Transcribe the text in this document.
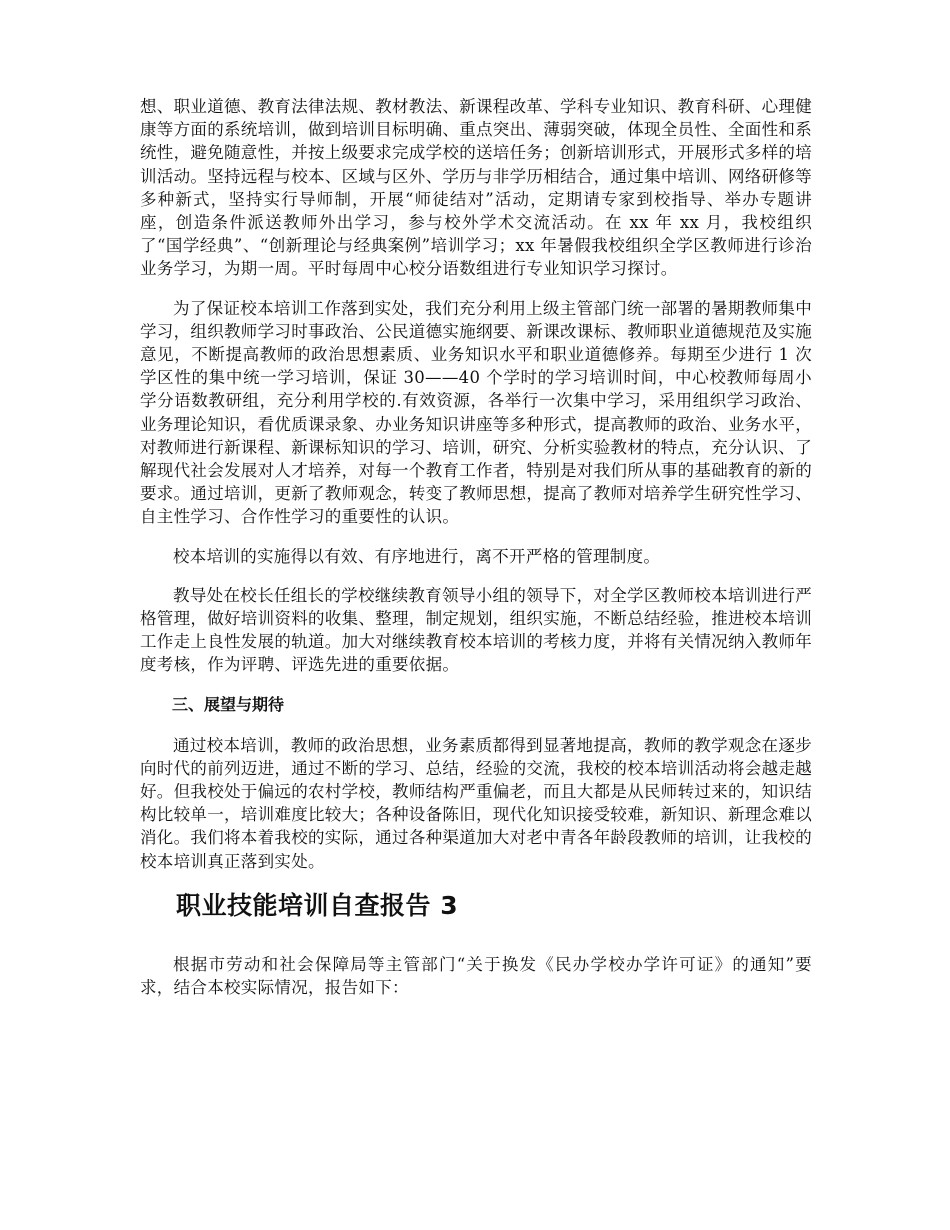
想、职业道德、教育法律法规、教材教法、新课程改革、学科专业知识、教育科研、心理健康等方面的系统培训，做到培训目标明确、重点突出、薄弱突破，体现全员性、全面性和系统性，避免随意性，并按上级要求完成学校的送培任务；创新培训形式，开展形式多样的培训活动。坚持远程与校本、区域与区外、学历与非学历相结合，通过集中培训、网络研修等多种新式，坚持实行导师制，开展“师徒结对”活动，定期请专家到校指导、举办专题讲座，创造条件派送教师外出学习，参与校外学术交流活动。在 xx 年 xx 月，我校组织了“国学经典”、“创新理论与经典案例”培训学习；xx 年暑假我校组织全学区教师进行诊治业务学习，为期一周。平时每周中心校分语数组进行专业知识学习探讨。

为了保证校本培训工作落到实处，我们充分利用上级主管部门统一部署的暑期教师集中学习，组织教师学习时事政治、公民道德实施纲要、新课改课标、教师职业道德规范及实施意见，不断提高教师的政治思想素质、业务知识水平和职业道德修养。每期至少进行 1 次学区性的集中统一学习培训，保证 30——40 个学时的学习培训时间，中心校教师每周小学分语数教研组，充分利用学校的.有效资源，各举行一次集中学习，采用组织学习政治、业务理论知识，看优质课录象、办业务知识讲座等多种形式，提高教师的政治、业务水平，对教师进行新课程、新课标知识的学习、培训，研究、分析实验教材的特点，充分认识、了解现代社会发展对人才培养，对每一个教育工作者，特别是对我们所从事的基础教育的新的要求。通过培训，更新了教师观念，转变了教师思想，提高了教师对培养学生研究性学习、自主性学习、合作性学习的重要性的认识。

校本培训的实施得以有效、有序地进行，离不开严格的管理制度。

教导处在校长任组长的学校继续教育领导小组的领导下，对全学区教师校本培训进行严格管理，做好培训资料的收集、整理，制定规划，组织实施，不断总结经验，推进校本培训工作走上良性发展的轨道。加大对继续教育校本培训的考核力度，并将有关情况纳入教师年度考核，作为评聘、评选先进的重要依据。

三、展望与期待

通过校本培训，教师的政治思想，业务素质都得到显著地提高，教师的教学观念在逐步向时代的前列迈进，通过不断的学习、总结，经验的交流，我校的校本培训活动将会越走越好。但我校处于偏远的农村学校，教师结构严重偏老，而且大都是从民师转过来的，知识结构比较单一，培训难度比较大；各种设备陈旧，现代化知识接受较难，新知识、新理念难以消化。我们将本着我校的实际，通过各种渠道加大对老中青各年龄段教师的培训，让我校的校本培训真正落到实处。

职业技能培训自查报告 3

根据市劳动和社会保障局等主管部门“关于换发《民办学校办学许可证》的通知”要求，结合本校实际情况，报告如下：
